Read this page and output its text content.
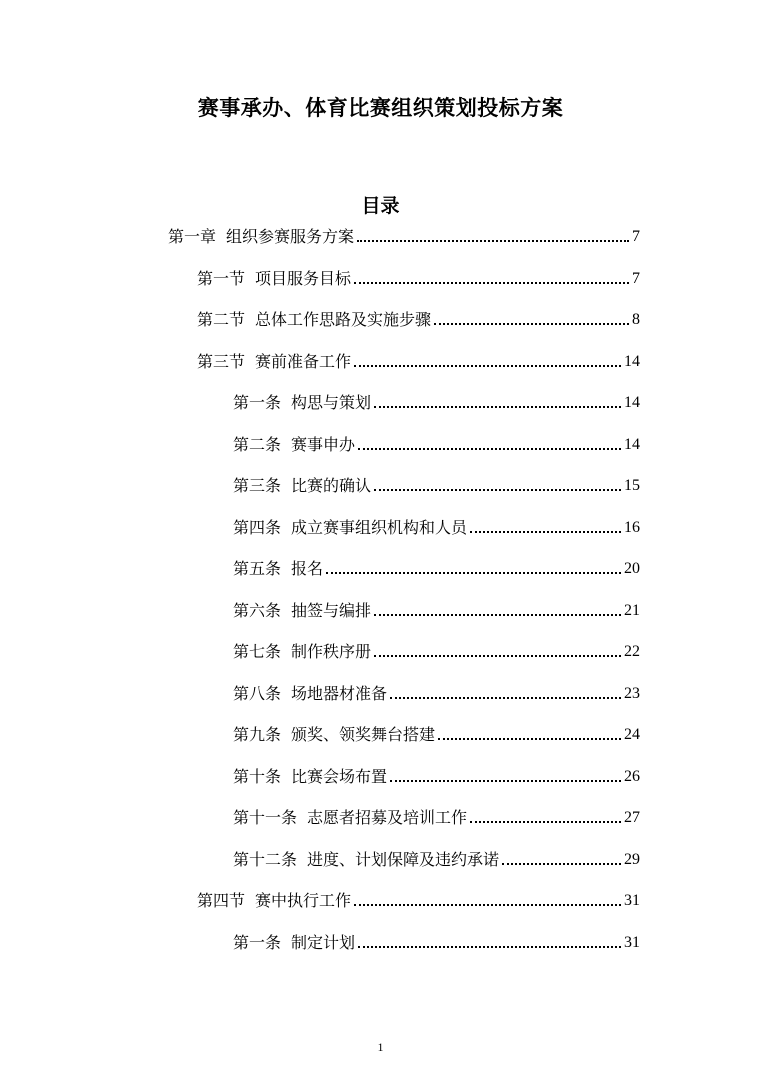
赛事承办、体育比赛组织策划投标方案
目录
第一章 组织参赛服务方案	7
第一节 项目服务目标	7
第二节 总体工作思路及实施步骤	8
第三节 赛前准备工作	14
第一条 构思与策划	14
第二条 赛事申办	14
第三条 比赛的确认	15
第四条 成立赛事组织机构和人员	16
第五条 报名	20
第六条 抽签与编排	21
第七条 制作秩序册	22
第八条 场地器材准备	23
第九条 颁奖、领奖舞台搭建	24
第十条 比赛会场布置	26
第十一条 志愿者招募及培训工作	27
第十二条 进度、计划保障及违约承诺	29
第四节 赛中执行工作	31
第一条 制定计划	31
1
